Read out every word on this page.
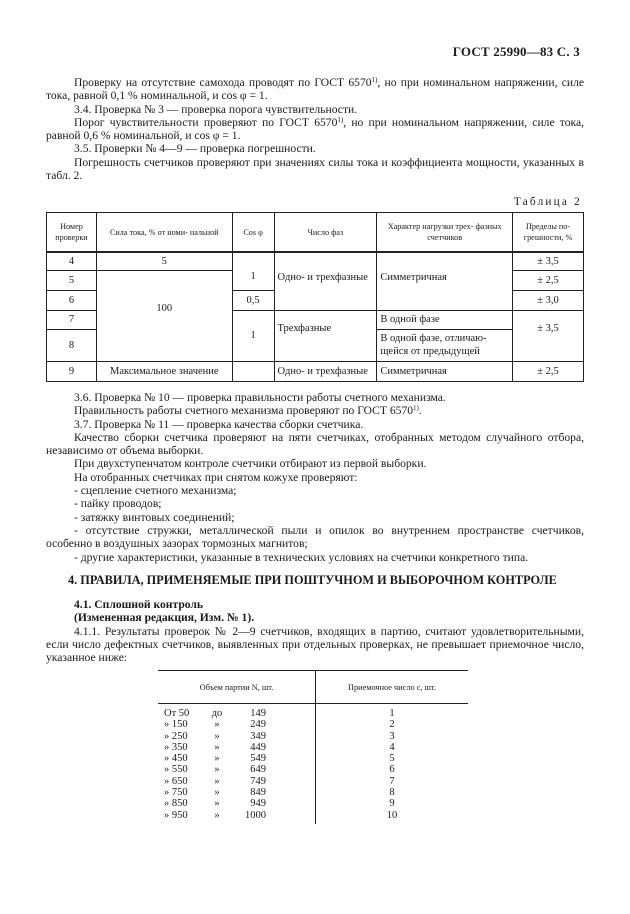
ГОСТ 25990—83 С. 3

Проверку на отсутствие самохода проводят по ГОСТ 6570$^{1)}$, но при номинальном напряжении, силе тока, равной 0,1 % номинальной, и cos φ = 1.

3.4. Проверка № 3 — проверка порога чувствительности.

Порог чувствительности проверяют по ГОСТ 6570$^{1)}$, но при номинальном напряжении, силе тока, равной 0,6 % номинальной, и cos φ = 1.

3.5. Проверки № 4—9 — проверка погрешности.

Погрешность счетчиков проверяют при значениях силы тока и коэффициента мощности, указанных в табл. 2.

Таблица 2
Номер проверки	Сила тока, % от номи- нальной	Cos φ	Число фаз	Характер нагрузки трех- фазных счетчиков	Пределы по- грешности, %
4	5	1	Одно- и трехфазные	Симметричная	± 3,5
5	100				± 2,5
6		0,5			± 3,0
7		1	Трехфазные	В одной фазе	± 3,5
8				В одной фазе, отличаю- щейся от предыдущей	
9	Максимальное значение		Одно- и трехфазные	Симметричная	± 2,5

3.6. Проверка № 10 — проверка правильности работы счетного механизма.

Правильность работы счетного механизма проверяют по ГОСТ 6570$^{1)}$.

3.7. Проверка № 11 — проверка качества сборки счетчика.

Качество сборки счетчика проверяют на пяти счетчиках, отобранных методом случайного отбора, независимо от объема выборки.

При двухступенчатом контроле счетчики отбирают из первой выборки.

На отобранных счетчиках при снятом кожухе проверяют:

- сцепление счетного механизма;

- пайку проводов;

- затяжку винтовых соединений;

- отсутствие стружки, металлической пыли и опилок во внутреннем пространстве счетчиков, особенно в воздушных зазорах тормозных магнитов;

- другие характеристики, указанные в технических условиях на счетчики конкретного типа.

4. ПРАВИЛА, ПРИМЕНЯЕМЫЕ ПРИ ПОШТУЧНОМ И ВЫБОРОЧНОМ КОНТРОЛЕ

4.1. Сплошной контроль

(Измененная редакция, Изм. № 1).

4.1.1. Результаты проверок № 2—9 счетчиков, входящих в партию, считают удовлетворительными, если число дефектных счетчиков, выявленных при отдельных проверках, не превышает приемочное число, указанное ниже:

Объем партии N, шт.	Приемочное число c, шт.
От 50 до 149	1
» 150 » 249	2
» 250 » 349	3
» 350 » 449	4
» 450 » 549	5
» 550 » 649	6
» 650 » 749	7
» 750 » 849	8
» 850 » 949	9
» 950 » 1000	10
